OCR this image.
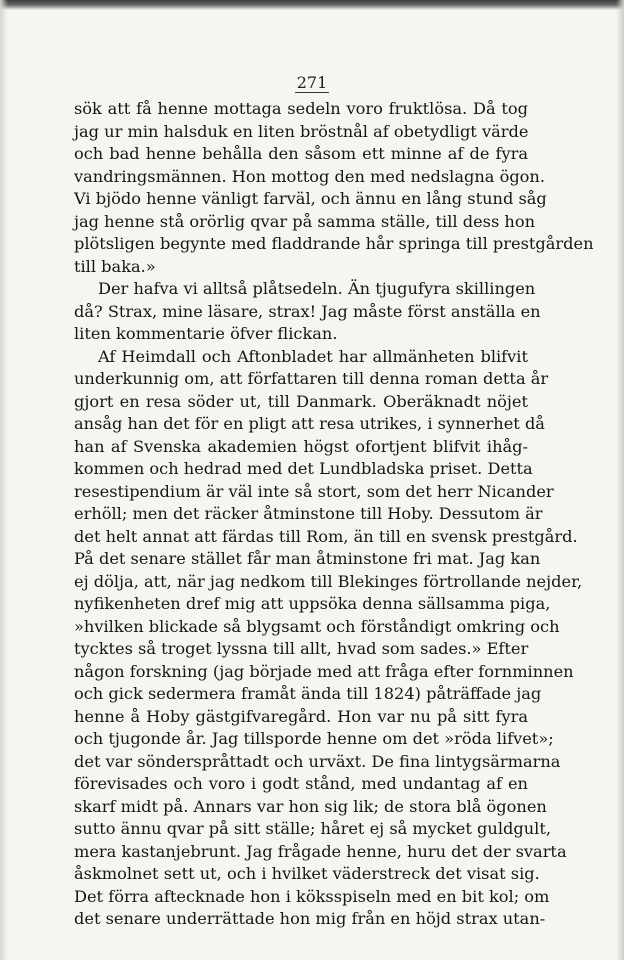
271

sök att få henne mottaga sedeln voro fruktlösa. Då tog
jag ur min halsduk en liten bröstnål af obetydligt värde
och bad henne behålla den såsom ett minne af de fyra
vandringsmännen. Hon mottog den med nedslagna ögon.
Vi bjödo henne vänligt farväl, och ännu en lång stund såg
jag henne stå orörlig qvar på samma ställe, till dess hon
plötsligen begynte med fladdrande hår springa till prestgården
till baka.»
Der hafva vi alltså plåtsedeln. Än tjugufyra skillingen
då? Strax, mine läsare, strax! Jag måste först anställa en
liten kommentarie öfver flickan.
Af Heimdall och Aftonbladet har allmänheten blifvit
underkunnig om, att författaren till denna roman detta år
gjort en resa söder ut, till Danmark. Oberäknadt nöjet
ansåg han det för en pligt att resa utrikes, i synnerhet då
han af Svenska akademien högst ofortjent blifvit ihåg-
kommen och hedrad med det Lundbladska priset. Detta
resestipendium är väl inte så stort, som det herr Nicander
erhöll; men det räcker åtminstone till Hoby. Dessutom är
det helt annat att färdas till Rom, än till en svensk prestgård.
På det senare stället får man åtminstone fri mat. Jag kan
ej dölja, att, när jag nedkom till Blekinges förtrollande nejder,
nyfikenheten dref mig att uppsöka denna sällsamma piga,
»hvilken blickade så blygsamt och förståndigt omkring och
tycktes så troget lyssna till allt, hvad som sades.» Efter
någon forskning (jag började med att fråga efter fornminnen
och gick sedermera framåt ända till 1824) påträffade jag
henne å Hoby gästgifvaregård. Hon var nu på sitt fyra
och tjugonde år. Jag tillsporde henne om det »röda lifvet»;
det var sönderspråttadt och urväxt. De fina lintygsärmarna
förevisades och voro i godt stånd, med undantag af en
skarf midt på. Annars var hon sig lik; de stora blå ögonen
sutto ännu qvar på sitt ställe; håret ej så mycket guldgult,
mera kastanjebrunt. Jag frågade henne, huru det der svarta
åskmolnet sett ut, och i hvilket väderstreck det visat sig.
Det förra aftecknade hon i köksspiseln med en bit kol; om
det senare underrättade hon mig från en höjd strax utan-
